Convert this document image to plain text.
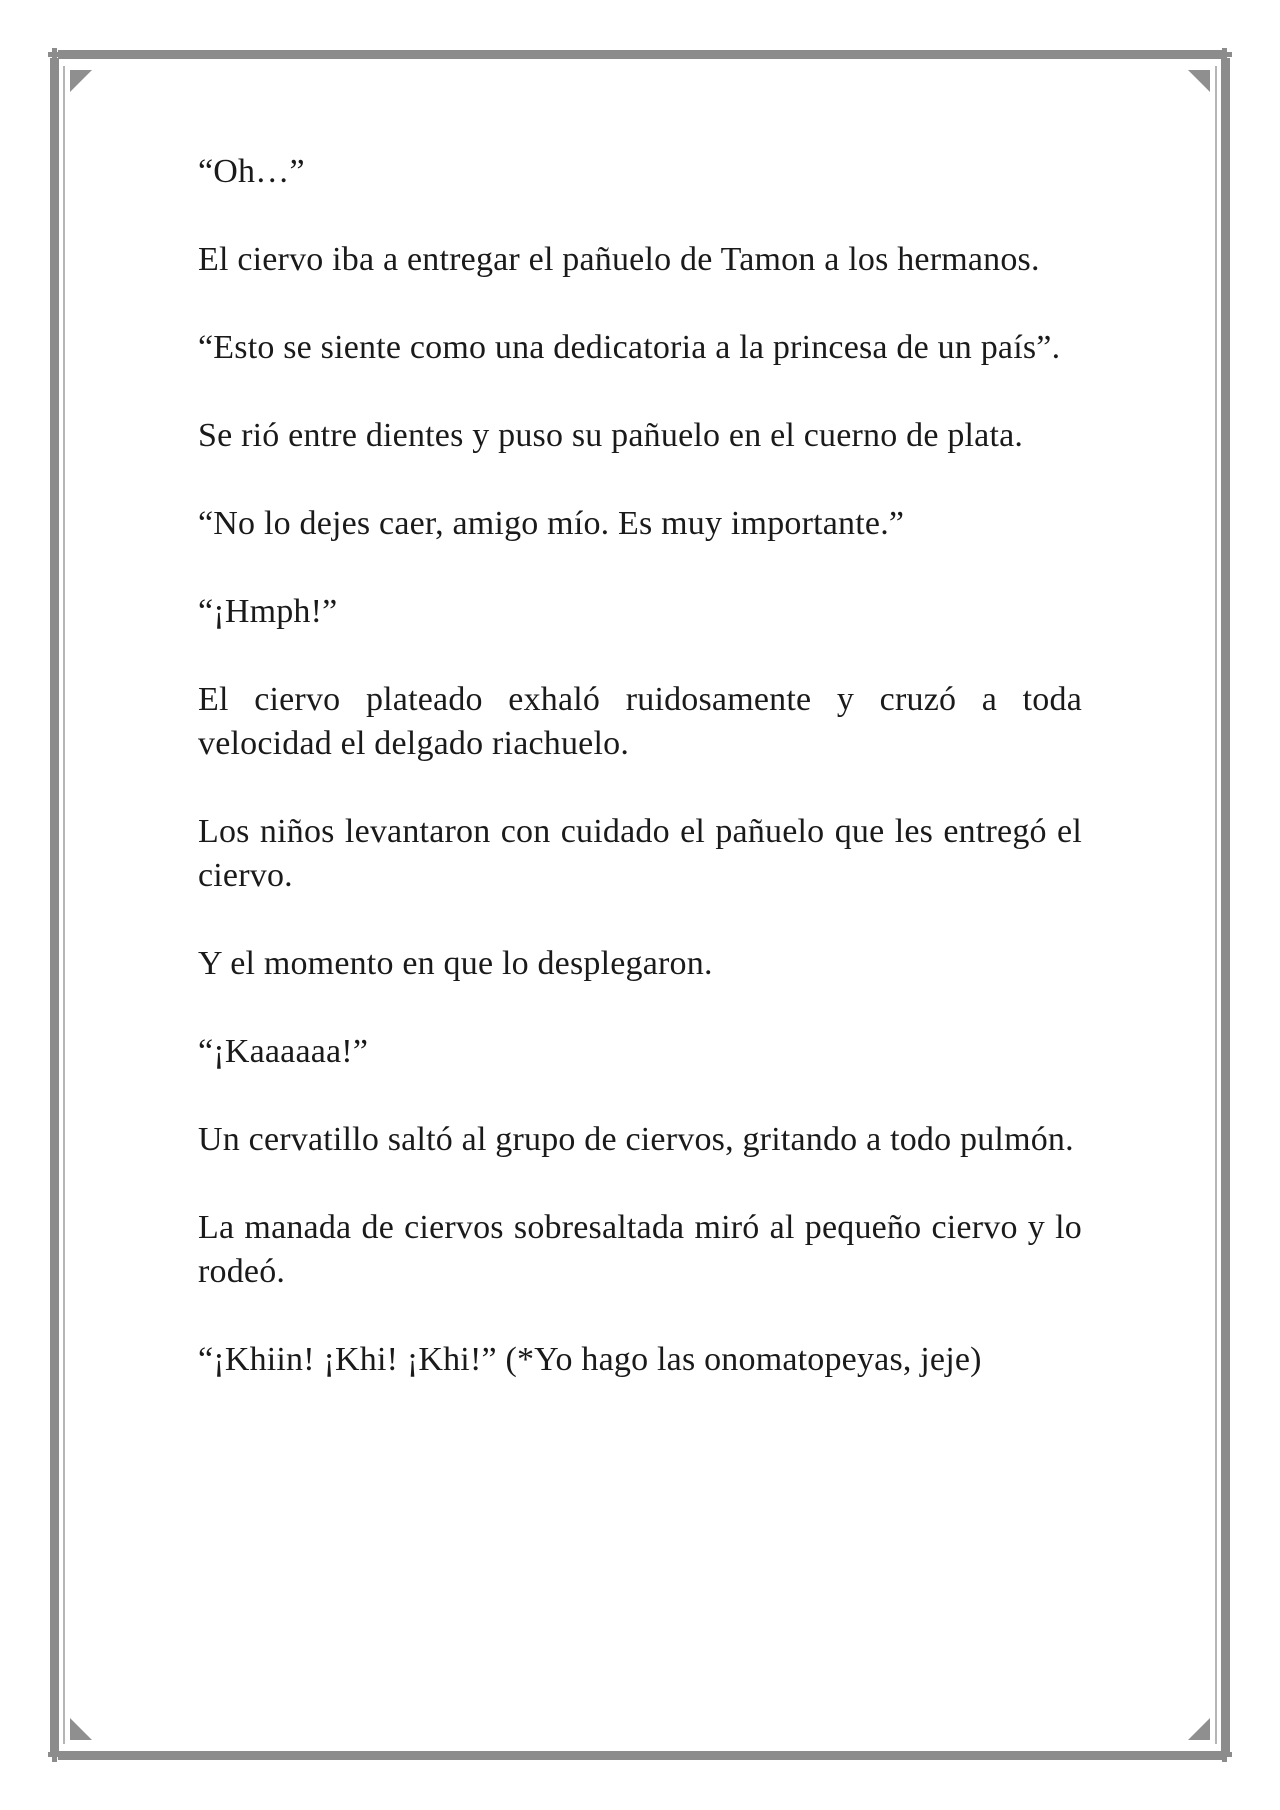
“Oh…”

El ciervo iba a entregar el pañuelo de Tamon a los hermanos.

“Esto se siente como una dedicatoria a la princesa de un país”.

Se rió entre dientes y puso su pañuelo en el cuerno de plata.

“No lo dejes caer, amigo mío. Es muy importante.”

“¡Hmph!”

El ciervo plateado exhaló ruidosamente y cruzó a toda velocidad el delgado riachuelo.

Los niños levantaron con cuidado el pañuelo que les entregó el ciervo.

Y el momento en que lo desplegaron.

“¡Kaaaaaa!”

Un cervatillo saltó al grupo de ciervos, gritando a todo pulmón.

La manada de ciervos sobresaltada miró al pequeño ciervo y lo rodeó.

“¡Khiin! ¡Khi! ¡Khi!” (*Yo hago las onomatopeyas, jeje)
